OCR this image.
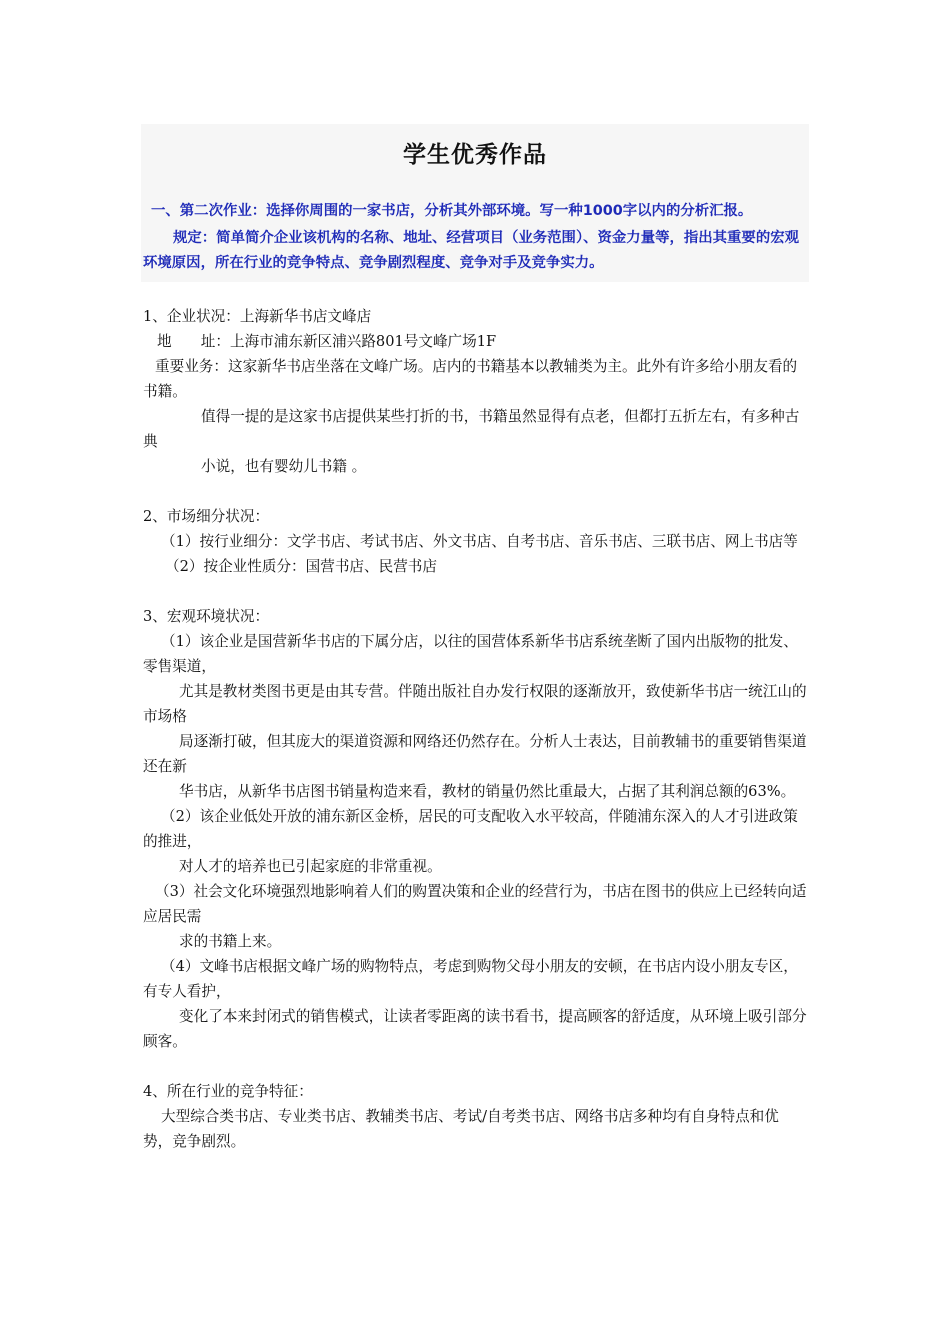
学生优秀作品

一、第二次作业：选择你周围的一家书店，分析其外部环境。写一种1000字以内的分析汇报。

规定：简单简介企业该机构的名称、地址、经营项目（业务范围）、资金力量等，指出其重要的宏观环境原因，所在行业的竞争特点、竞争剧烈程度、竞争对手及竞争实力。

1、企业状况：上海新华书店文峰店

地　　址：上海市浦东新区浦兴路801号文峰广场1F

重要业务：这家新华书店坐落在文峰广场。店内的书籍基本以教辅类为主。此外有许多给小朋友看的书籍。

值得一提的是这家书店提供某些打折的书，书籍虽然显得有点老，但都打五折左右，有多种古典

小说，也有婴幼儿书籍 。

2、市场细分状况：

（1）按行业细分：文学书店、考试书店、外文书店、自考书店、音乐书店、三联书店、网上书店等

（2）按企业性质分：国营书店、民营书店

3、宏观环境状况：

（1）该企业是国营新华书店的下属分店，以往的国营体系新华书店系统垄断了国内出版物的批发、零售渠道，

尤其是教材类图书更是由其专营。伴随出版社自办发行权限的逐渐放开，致使新华书店一统江山的市场格

局逐渐打破，但其庞大的渠道资源和网络还仍然存在。分析人士表达，目前教辅书的重要销售渠道还在新

华书店，从新华书店图书销量构造来看，教材的销量仍然比重最大，占据了其利润总额的63%。

（2）该企业低处开放的浦东新区金桥，居民的可支配收入水平较高，伴随浦东深入的人才引进政策的推进，

对人才的培养也已引起家庭的非常重视。

（3）社会文化环境强烈地影响着人们的购置决策和企业的经营行为，书店在图书的供应上已经转向适应居民需

求的书籍上来。

（4）文峰书店根据文峰广场的购物特点，考虑到购物父母小朋友的安顿，在书店内设小朋友专区，有专人看护，

变化了本来封闭式的销售模式，让读者零距离的读书看书，提高顾客的舒适度，从环境上吸引部分顾客。

4、所在行业的竞争特征：

大型综合类书店、专业类书店、教辅类书店、考试/自考类书店、网络书店多种均有自身特点和优势，竞争剧烈。
